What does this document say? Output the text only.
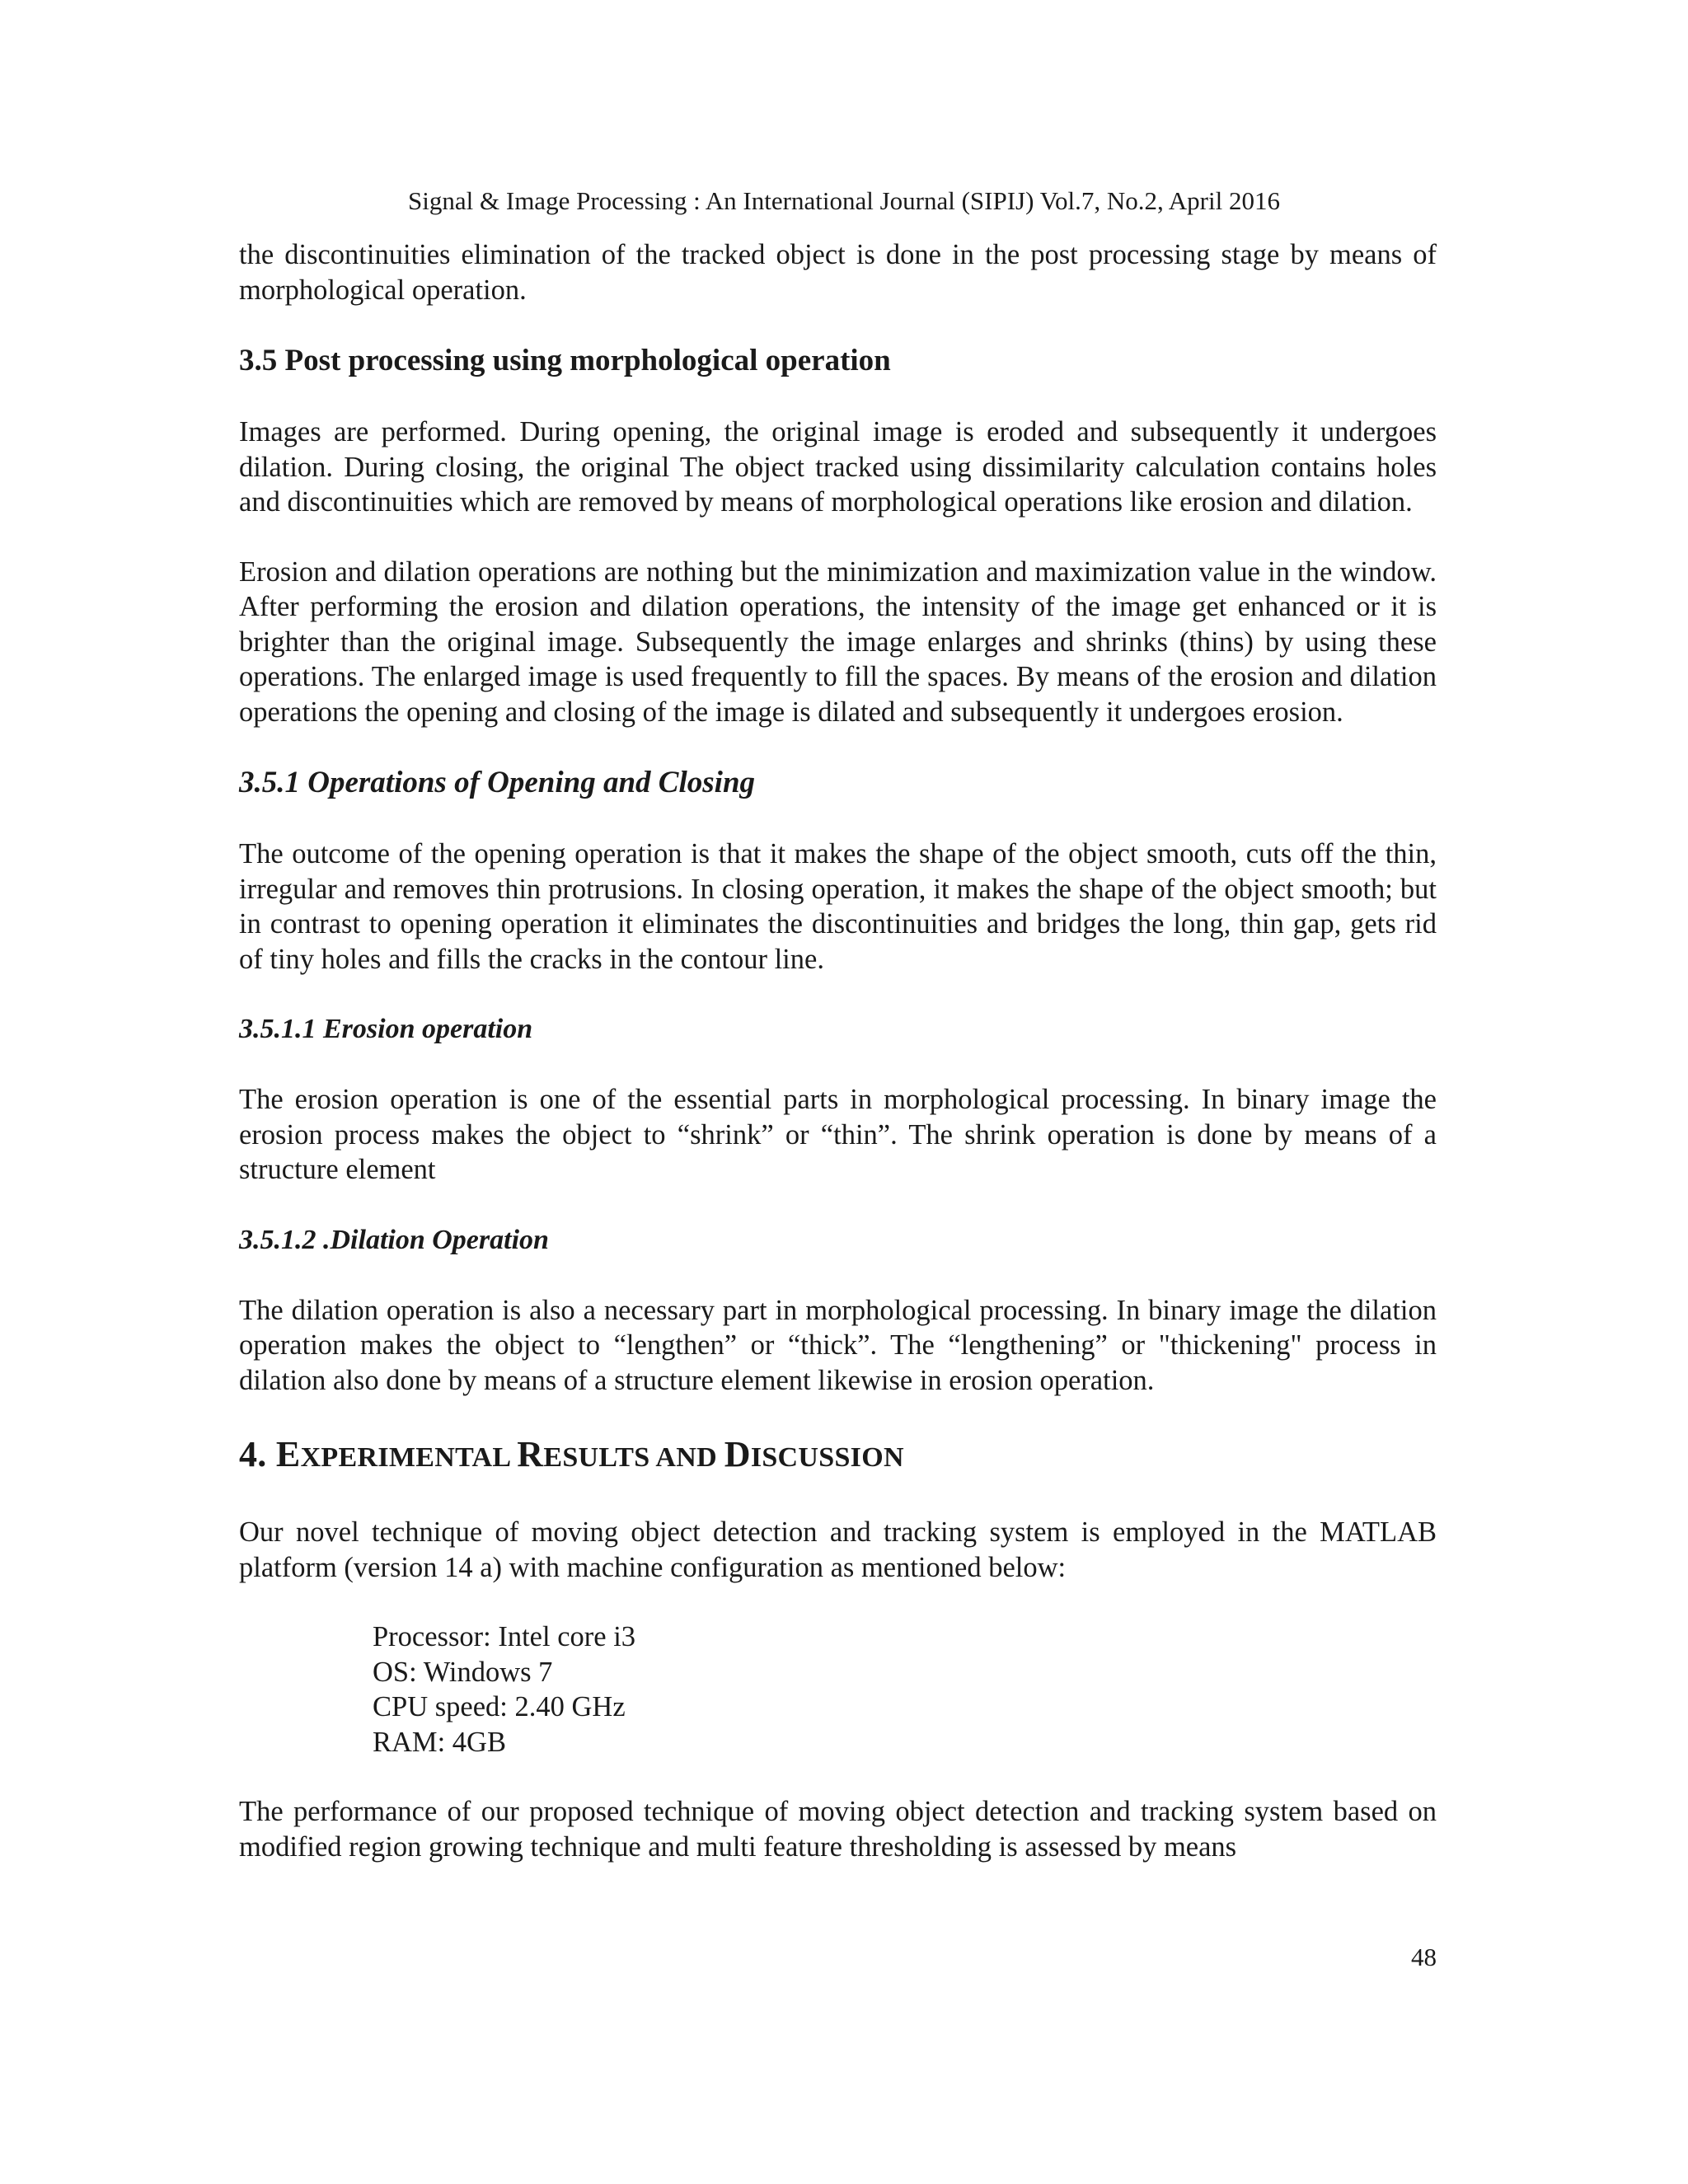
Signal & Image Processing : An International Journal (SIPIJ) Vol.7, No.2, April 2016

the discontinuities elimination of the tracked object is done in the post processing stage by means of morphological operation.

3.5 Post processing using morphological operation

Images are performed. During opening, the original image is eroded and subsequently it undergoes dilation. During closing, the original The object tracked using dissimilarity calculation contains holes and discontinuities which are removed by means of morphological operations like erosion and dilation.

Erosion and dilation operations are nothing but the minimization and maximization value in the window. After performing the erosion and dilation operations, the intensity of the image get enhanced or it is brighter than the original image. Subsequently the image enlarges and shrinks (thins) by using these operations. The enlarged image is used frequently to fill the spaces. By means of the erosion and dilation operations the opening and closing of the image is dilated and subsequently it undergoes erosion.

3.5.1 Operations of Opening and Closing

The outcome of the opening operation is that it makes the shape of the object smooth, cuts off the thin, irregular and removes thin protrusions. In closing operation, it makes the shape of the object smooth; but in contrast to opening operation it eliminates the discontinuities and bridges the long, thin gap, gets rid of tiny holes and fills the cracks in the contour line.

3.5.1.1 Erosion operation

The erosion operation is one of the essential parts in morphological processing. In binary image the erosion process makes the object to “shrink” or “thin”. The shrink operation is done by means of a structure element

3.5.1.2 .Dilation Operation

The dilation operation is also a necessary part in morphological processing. In binary image the dilation operation makes the object to “lengthen” or “thick”. The “lengthening” or "thickening" process in dilation also done by means of a structure element likewise in erosion operation.

4. EXPERIMENTAL RESULTS AND DISCUSSION

Our novel technique of moving object detection and tracking system is employed in the MATLAB platform (version 14 a) with machine configuration as mentioned below:

Processor: Intel core i3
OS: Windows 7
CPU speed: 2.40 GHz
RAM: 4GB

The performance of our proposed technique of moving object detection and tracking system based on modified region growing technique and multi feature thresholding is assessed by means

48
